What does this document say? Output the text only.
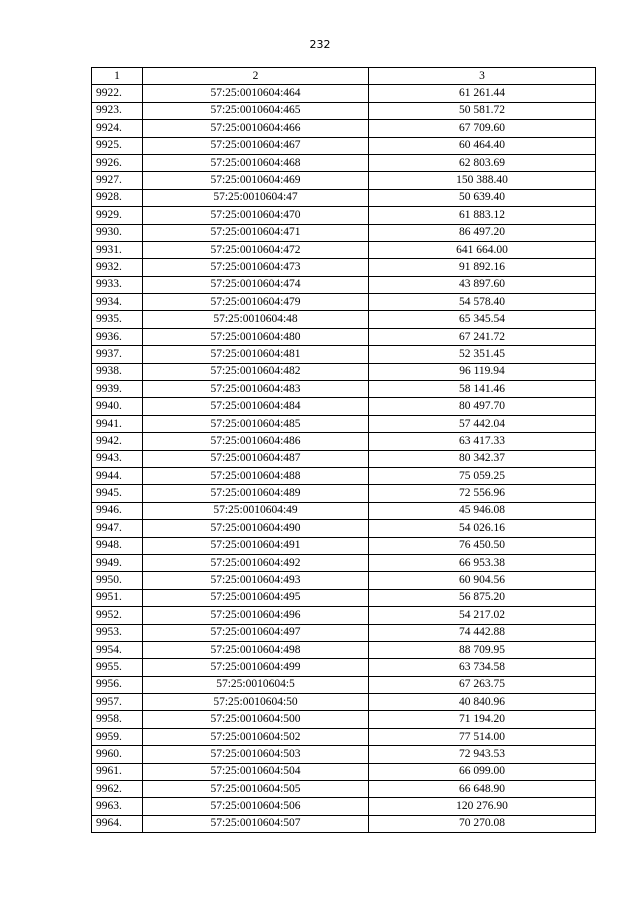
232
1	2	3
9922.	57:25:0010604:464	61 261.44
9923.	57:25:0010604:465	50 581.72
9924.	57:25:0010604:466	67 709.60
9925.	57:25:0010604:467	60 464.40
9926.	57:25:0010604:468	62 803.69
9927.	57:25:0010604:469	150 388.40
9928.	57:25:0010604:47	50 639.40
9929.	57:25:0010604:470	61 883.12
9930.	57:25:0010604:471	86 497.20
9931.	57:25:0010604:472	641 664.00
9932.	57:25:0010604:473	91 892.16
9933.	57:25:0010604:474	43 897.60
9934.	57:25:0010604:479	54 578.40
9935.	57:25:0010604:48	65 345.54
9936.	57:25:0010604:480	67 241.72
9937.	57:25:0010604:481	52 351.45
9938.	57:25:0010604:482	96 119.94
9939.	57:25:0010604:483	58 141.46
9940.	57:25:0010604:484	80 497.70
9941.	57:25:0010604:485	57 442.04
9942.	57:25:0010604:486	63 417.33
9943.	57:25:0010604:487	80 342.37
9944.	57:25:0010604:488	75 059.25
9945.	57:25:0010604:489	72 556.96
9946.	57:25:0010604:49	45 946.08
9947.	57:25:0010604:490	54 026.16
9948.	57:25:0010604:491	76 450.50
9949.	57:25:0010604:492	66 953.38
9950.	57:25:0010604:493	60 904.56
9951.	57:25:0010604:495	56 875.20
9952.	57:25:0010604:496	54 217.02
9953.	57:25:0010604:497	74 442.88
9954.	57:25:0010604:498	88 709.95
9955.	57:25:0010604:499	63 734.58
9956.	57:25:0010604:5	67 263.75
9957.	57:25:0010604:50	40 840.96
9958.	57:25:0010604:500	71 194.20
9959.	57:25:0010604:502	77 514.00
9960.	57:25:0010604:503	72 943.53
9961.	57:25:0010604:504	66 099.00
9962.	57:25:0010604:505	66 648.90
9963.	57:25:0010604:506	120 276.90
9964.	57:25:0010604:507	70 270.08
